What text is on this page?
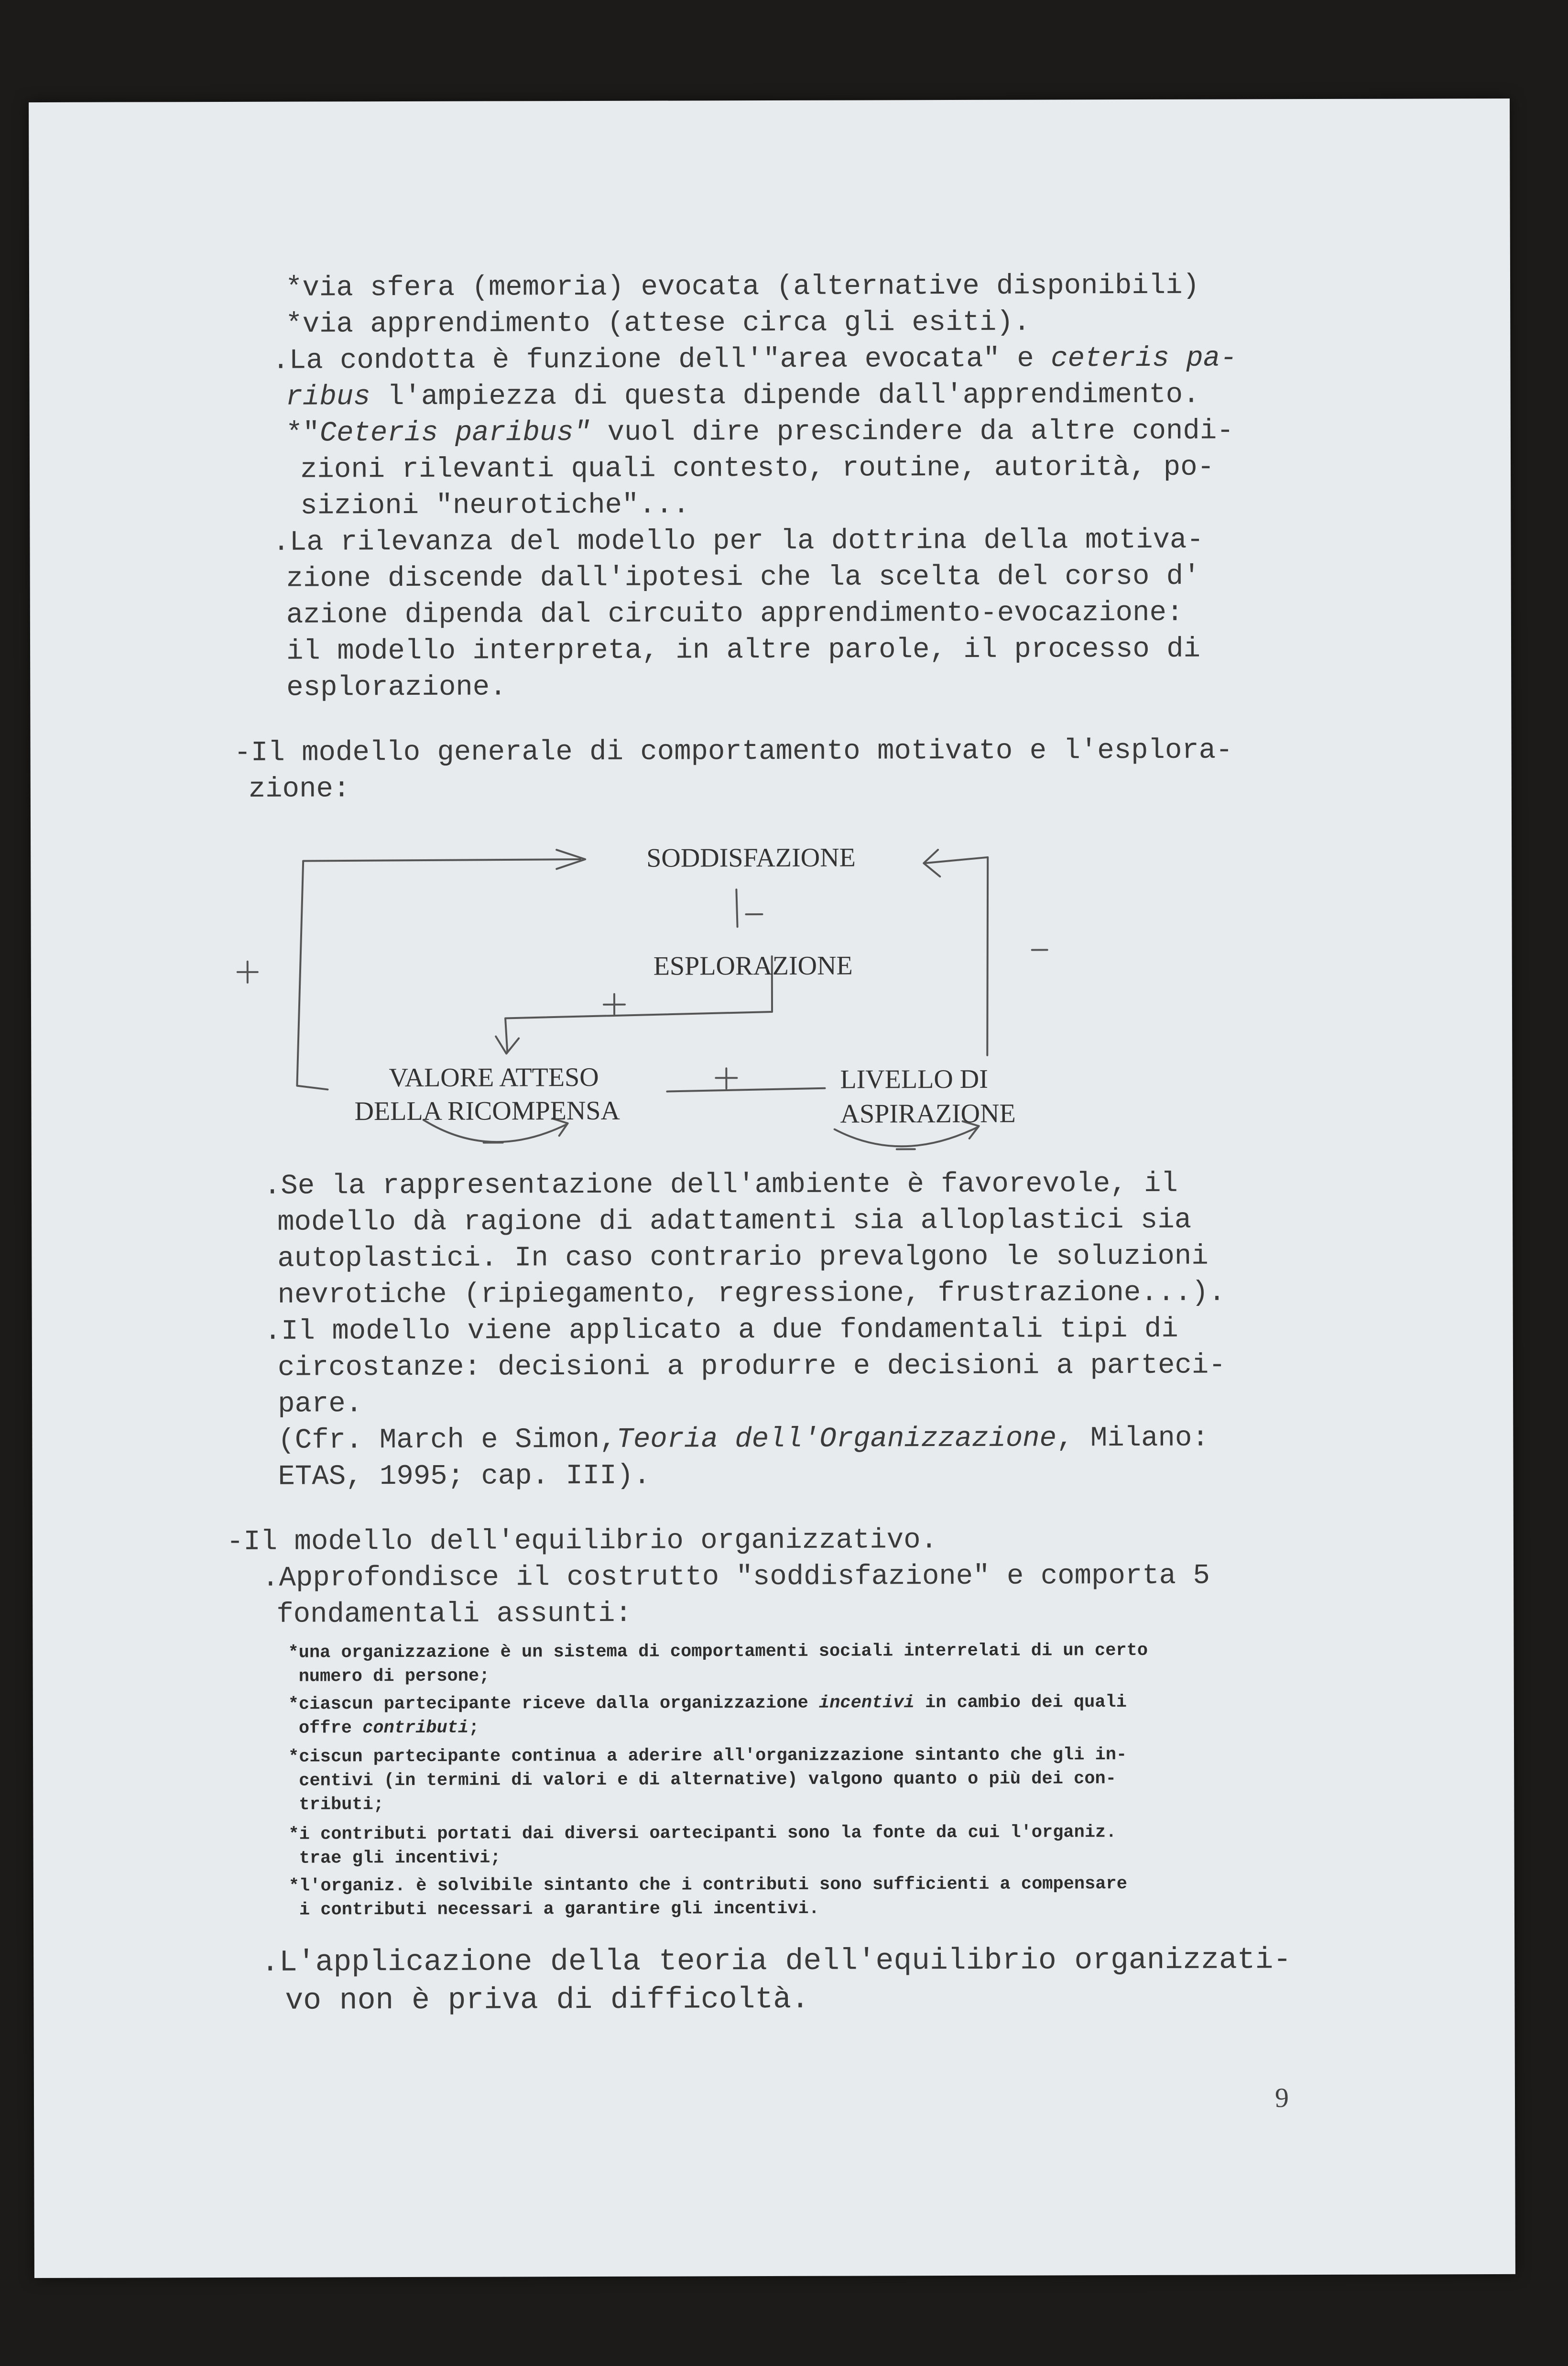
*via sfera (memoria) evocata (alternative disponibili)
*via apprendimento (attese circa gli esiti).
.La condotta è funzione dell'"area evocata" e ceteris pa-
ribus l'ampiezza di questa dipende dall'apprendimento.
*"Ceteris paribus" vuol dire prescindere da altre condi-
zioni rilevanti quali contesto, routine, autorità, po-
sizioni "neurotiche"...
.La rilevanza del modello per la dottrina della motiva-
zione discende dall'ipotesi che la scelta del corso d'
azione dipenda dal circuito apprendimento-evocazione:
il modello interpreta, in altre parole, il processo di
esplorazione.
-Il modello generale di comportamento motivato e l'esplora-
zione:
SODDISFAZIONE
ESPLORAZIONE
VALORE ATTESO
DELLA RICOMPENSA
LIVELLO DI
ASPIRAZIONE
.Se la rappresentazione dell'ambiente è favorevole, il
modello dà ragione di adattamenti sia alloplastici sia
autoplastici. In caso contrario prevalgono le soluzioni
nevrotiche (ripiegamento, regressione, frustrazione...).
.Il modello viene applicato a due fondamentali tipi di
circostanze: decisioni a produrre e decisioni a parteci-
pare.
(Cfr. March e Simon,Teoria dell'Organizzazione, Milano:
ETAS, 1995; cap. III).
-Il modello dell'equilibrio organizzativo.
.Approfondisce il costrutto "soddisfazione" e comporta 5
fondamentali assunti:
*una organizzazione è un sistema di comportamenti sociali interrelati di un certo
numero di persone;
*ciascun partecipante riceve dalla organizzazione incentivi in cambio dei quali
offre contributi;
*ciscun partecipante continua a aderire all'organizzazione sintanto che gli in-
centivi (in termini di valori e di alternative) valgono quanto o più dei con-
tributi;
*i contributi portati dai diversi oartecipanti sono la fonte da cui l'organiz.
trae gli incentivi;
*l'organiz. è solvibile sintanto che i contributi sono sufficienti a compensare
i contributi necessari a garantire gli incentivi.
.L'applicazione della teoria dell'equilibrio organizzati-
vo non è priva di difficoltà.
9
